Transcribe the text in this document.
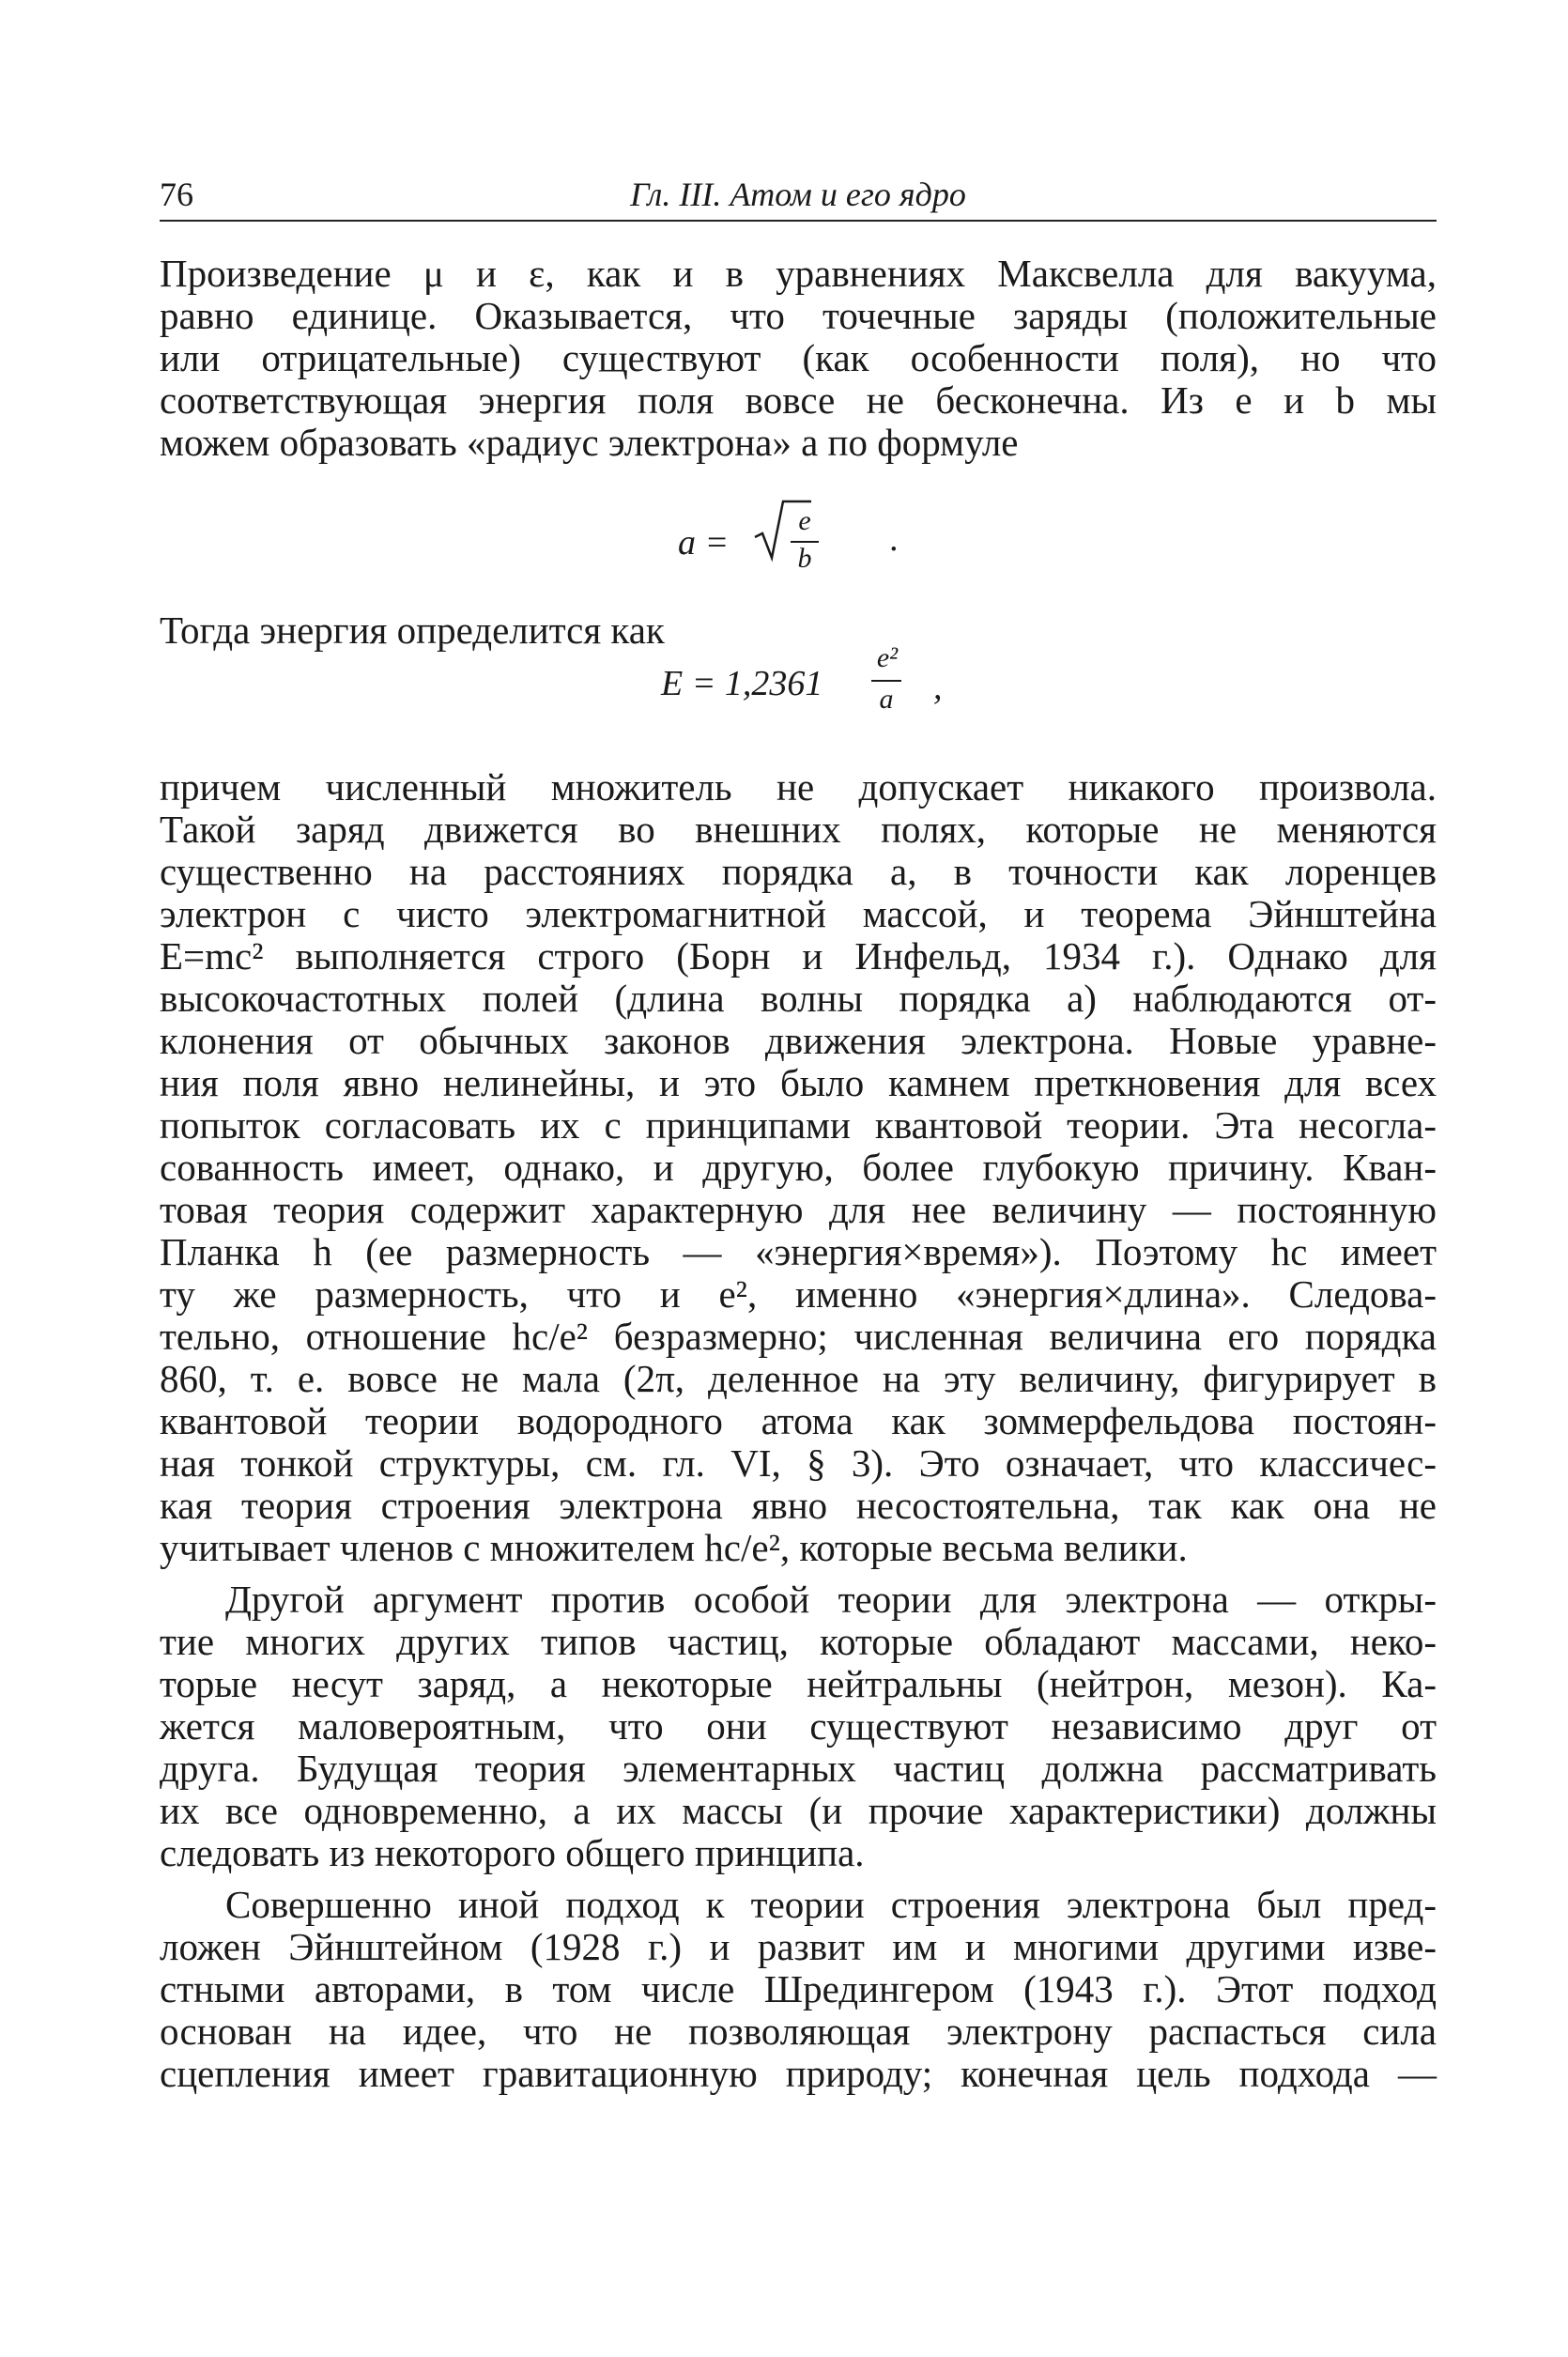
76	Гл. III. Атом и его ядро
Произведение μ и ε, как и в уравнениях Максвелла для вакуума,
равно единице. Оказывается, что точечные заряды (положительные
или отрицательные) существуют (как особенности поля), но что
соответствующая энергия поля вовсе не бесконечна. Из e и b мы
можем образовать «радиус электрона» a по формуле
a =
e
b .
Тогда энергия определится как
E = 1,2361
e²
a ,
причем численный множитель не допускает никакого произвола.
Такой заряд движется во внешних полях, которые не меняются
существенно на расстояниях порядка a, в точности как лоренцев
электрон с чисто электромагнитной массой, и теорема Эйнштейна
E=mc² выполняется строго (Борн и Инфельд, 1934 г.). Однако для
высокочастотных полей (длина волны порядка a) наблюдаются от-
клонения от обычных законов движения электрона. Новые уравне-
ния поля явно нелинейны, и это было камнем преткновения для всех
попыток согласовать их с принципами квантовой теории. Эта несогла-
сованность имеет, однако, и другую, более глубокую причину. Кван-
товая теория содержит характерную для нее величину — постоянную
Планка h (ее размерность — «энергия×время»). Поэтому hc имеет
ту же размерность, что и e², именно «энергия×длина». Следова-
тельно, отношение hc/e² безразмерно; численная величина его порядка
860, т. е. вовсе не мала (2π, деленное на эту величину, фигурирует в
квантовой теории водородного атома как зоммерфельдова постоян-
ная тонкой структуры, см. гл. VI, § 3). Это означает, что классичес-
кая теория строения электрона явно несостоятельна, так как она не
учитывает членов с множителем hc/e², которые весьма велики.
Другой аргумент против особой теории для электрона — откры-
тие многих других типов частиц, которые обладают массами, неко-
торые несут заряд, а некоторые нейтральны (нейтрон, мезон). Ка-
жется маловероятным, что они существуют независимо друг от
друга. Будущая теория элементарных частиц должна рассматривать
их все одновременно, а их массы (и прочие характеристики) должны
следовать из некоторого общего принципа.
Совершенно иной подход к теории строения электрона был пред-
ложен Эйнштейном (1928 г.) и развит им и многими другими изве-
стными авторами, в том числе Шредингером (1943 г.). Этот подход
основан на идее, что не позволяющая электрону распасться сила
сцепления имеет гравитационную природу; конечная цель подхода —
